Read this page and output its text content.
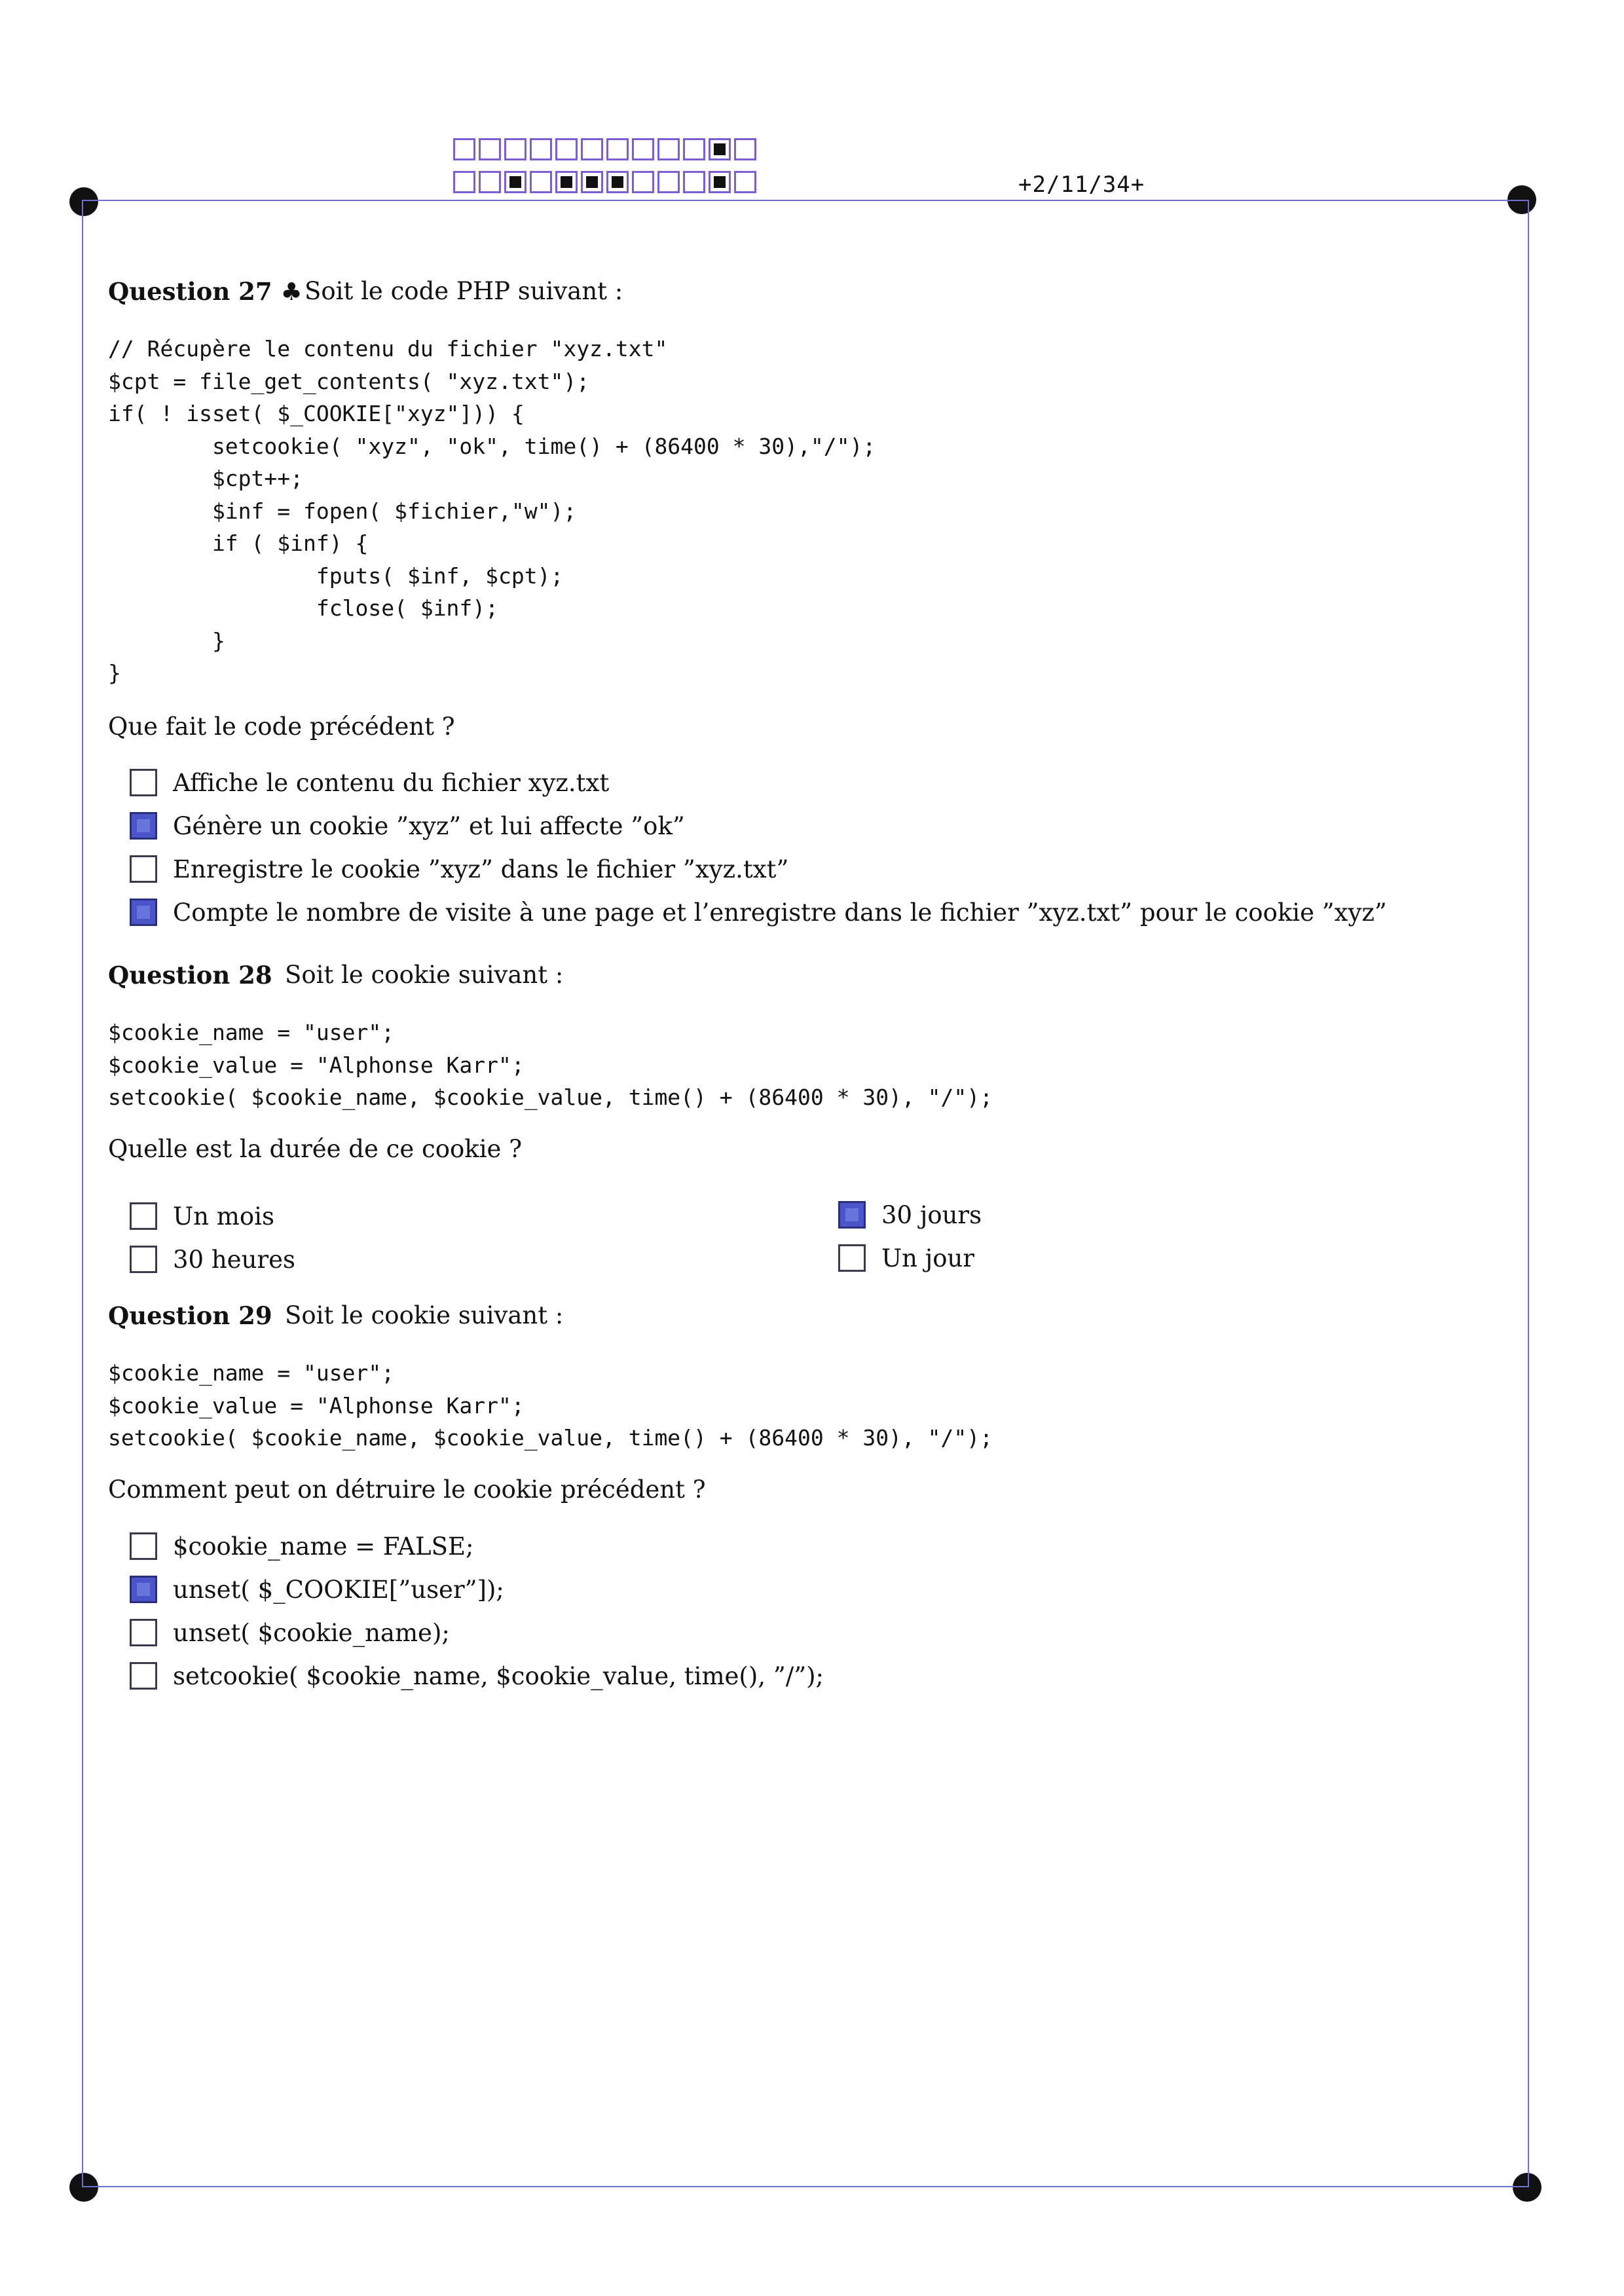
+2/11/34+
Question 27 ♣ Soit le code PHP suivant :
// Récupère le contenu du fichier "xyz.txt"
$cpt = file_get_contents( "xyz.txt");
if( ! isset( $_COOKIE["xyz"])) {
setcookie( "xyz", "ok", time() + (86400 * 30),"/");
$cpt++;
$inf = fopen( $fichier,"w");
if ( $inf) {
fputs( $inf, $cpt);
fclose( $inf);
}
}
Que fait le code précédent ?
Affiche le contenu du fichier xyz.txt
Génère un cookie ”xyz” et lui affecte ”ok”
Enregistre le cookie ”xyz” dans le fichier ”xyz.txt”
Compte le nombre de visite à une page et l’enregistre dans le fichier ”xyz.txt” pour le cookie ”xyz”
Question 28 Soit le cookie suivant :
$cookie_name = "user";
$cookie_value = "Alphonse Karr";
setcookie( $cookie_name, $cookie_value, time() + (86400 * 30), "/");
Quelle est la durée de ce cookie ?
Un mois	30 jours
30 heures	Un jour
Question 29 Soit le cookie suivant :
$cookie_name = "user";
$cookie_value = "Alphonse Karr";
setcookie( $cookie_name, $cookie_value, time() + (86400 * 30), "/");
Comment peut on détruire le cookie précédent ?
$cookie_name = FALSE;
unset( $_COOKIE[”user”]);
unset( $cookie_name);
setcookie( $cookie_name, $cookie_value, time(), ”/”);
